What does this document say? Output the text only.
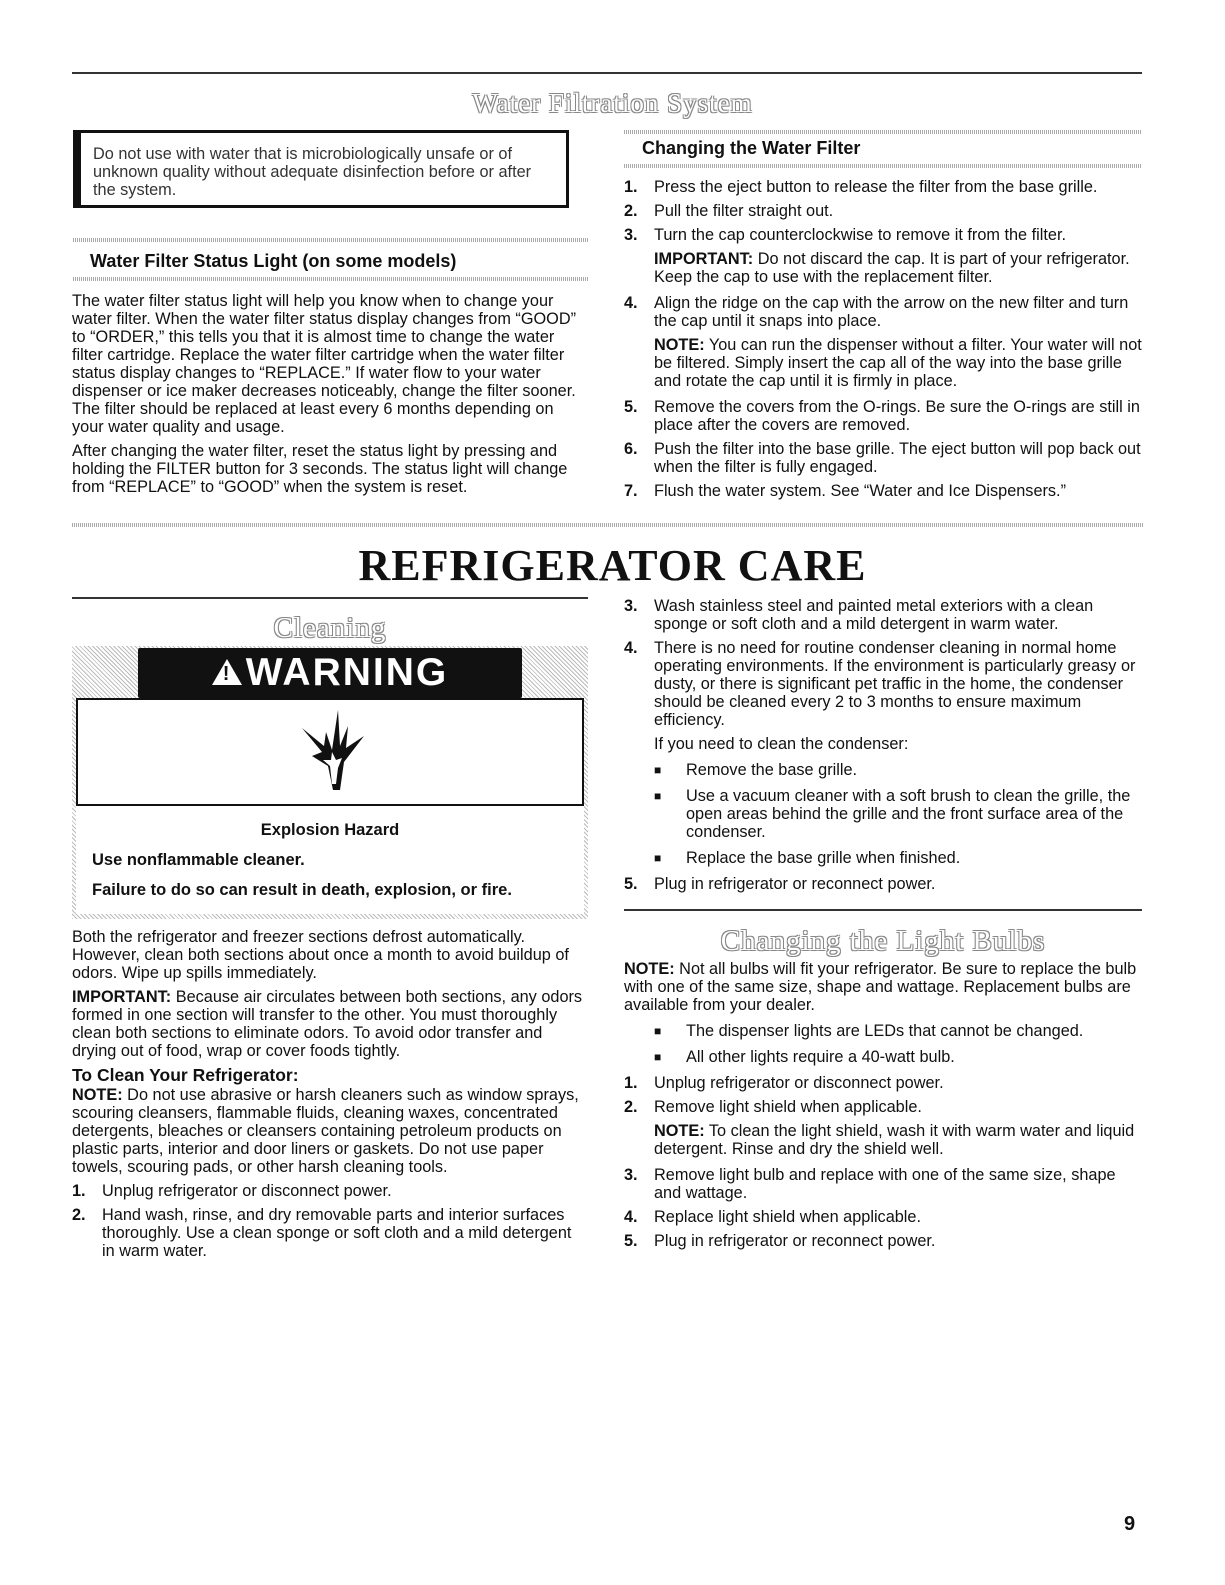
Water Filtration System
Do not use with water that is microbiologically unsafe or of unknown quality without adequate disinfection before or after the system.
Water Filter Status Light (on some models)

The water filter status light will help you know when to change your water filter. When the water filter status display changes from “GOOD” to “ORDER,” this tells you that it is almost time to change the water filter cartridge. Replace the water filter cartridge when the water filter status display changes to “REPLACE.” If water flow to your water dispenser or ice maker decreases noticeably, change the filter sooner. The filter should be replaced at least every 6 months depending on your water quality and usage.

After changing the water filter, reset the status light by pressing and holding the FILTER button for 3 seconds. The status light will change from “REPLACE” to “GOOD” when the system is reset.

Changing the Water Filter
1.	Press the eject button to release the filter from the base grille.
2.	Pull the filter straight out.
3.	Turn the cap counterclockwise to remove it from the filter.

IMPORTANT: Do not discard the cap. It is part of your refrigerator. Keep the cap to use with the replacement filter.

4.	Align the ridge on the cap with the arrow on the new filter and turn the cap until it snaps into place.

NOTE: You can run the dispenser without a filter. Your water will not be filtered. Simply insert the cap all of the way into the base grille and rotate the cap until it is firmly in place.

5.	Remove the covers from the O-rings. Be sure the O-rings are still in place after the covers are removed.
6.	Push the filter into the base grille. The eject button will pop back out when the filter is fully engaged.
7.	Flush the water system. See “Water and Ice Dispensers.”
REFRIGERATOR CARE
Cleaning
! WARNING
Explosion Hazard
Use nonflammable cleaner.
Failure to do so can result in death, explosion, or fire.

Both the refrigerator and freezer sections defrost automatically. However, clean both sections about once a month to avoid buildup of odors. Wipe up spills immediately.

IMPORTANT: Because air circulates between both sections, any odors formed in one section will transfer to the other. You must thoroughly clean both sections to eliminate odors. To avoid odor transfer and drying out of food, wrap or cover foods tightly.

To Clean Your Refrigerator:

NOTE: Do not use abrasive or harsh cleaners such as window sprays, scouring cleansers, flammable fluids, cleaning waxes, concentrated detergents, bleaches or cleansers containing petroleum products on plastic parts, interior and door liners or gaskets. Do not use paper towels, scouring pads, or other harsh cleaning tools.

1.	Unplug refrigerator or disconnect power.
2.	Hand wash, rinse, and dry removable parts and interior surfaces thoroughly. Use a clean sponge or soft cloth and a mild detergent in warm water.
3.	Wash stainless steel and painted metal exteriors with a clean sponge or soft cloth and a mild detergent in warm water.
4.	There is no need for routine condenser cleaning in normal home operating environments. If the environment is particularly greasy or dusty, or there is significant pet traffic in the home, the condenser should be cleaned every 2 to 3 months to ensure maximum efficiency.

If you need to clean the condenser:

■	Remove the base grille.
■	Use a vacuum cleaner with a soft brush to clean the grille, the open areas behind the grille and the front surface area of the condenser.
■	Replace the base grille when finished.
5.	Plug in refrigerator or reconnect power.
Changing the Light Bulbs

NOTE: Not all bulbs will fit your refrigerator. Be sure to replace the bulb with one of the same size, shape and wattage. Replacement bulbs are available from your dealer.

■	The dispenser lights are LEDs that cannot be changed.
■	All other lights require a 40-watt bulb.
1.	Unplug refrigerator or disconnect power.
2.	Remove light shield when applicable.

NOTE: To clean the light shield, wash it with warm water and liquid detergent. Rinse and dry the shield well.

3.	Remove light bulb and replace with one of the same size, shape and wattage.
4.	Replace light shield when applicable.
5.	Plug in refrigerator or reconnect power.
9
